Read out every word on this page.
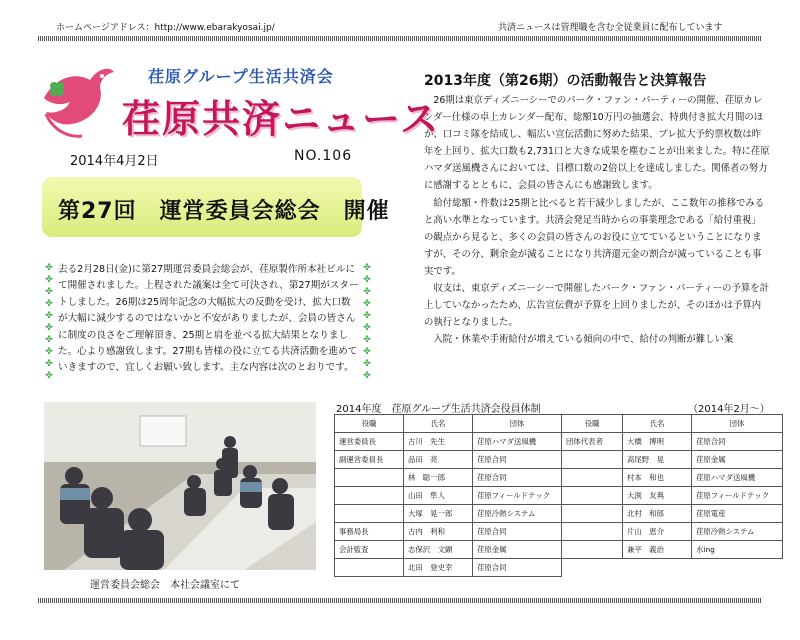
ホームページアドレス：http://www.ebarakyosai.jp/	共済ニュースは管理職を含む全従業員に配布しています
荏原グループ生活共済会
荏原共済ニュース
2014年4月2日	NO.106
第27回　運営委員会総会　開催
✤
✤
✤
✤
✤
✤
✤
✤
✤
✤
✤
✤
✤
✤
✤
✤
✤
✤
✤
✤
去る2月28日(金)に第27期運営委員会総会が、荏原製作所本社ビルにて開催されました。上程された議案は全て可決され、第27期がスタートしました。26期は25周年記念の大幅拡大の反動を受け、拡大口数が大幅に減少するのではないかと不安がありましたが、会員の皆さんに制度の良さをご理解頂き、25期と肩を並べる拡大結果となりました。心より感謝致します。27期も皆様の役に立てる共済活動を進めていきますので、宜しくお願い致します。主な内容は次のとおりです。
2013年度（第26期）の活動報告と決算報告

26期は東京ディズニーシーでのパーク・ファン・パーティーの開催、荏原カレンダー仕様の卓上カレンダー配布、総額10万円の抽選会、特典付き拡大月間のほか、口コミ隊を結成し、幅広い宣伝活動に努めた結果、プレ拡大予約票枚数は昨年を上回り、拡大口数も2,731口と大きな成果を塵むことが出来ました。特に荏原ハマダ送風機さんにおいては、目標口数の2倍以上を達成しました。関係者の努力に感謝するとともに、会員の皆さんにも感謝致します。

給付総額・件数は25期と比べると若干減少しましたが、ここ数年の推移でみると高い水準となっています。共済会発足当時からの事業理念である「給付重視」の観点から見ると、多くの会員の皆さんのお役に立てているということになりますが、その分、剰余金が減ることになり共済還元金の割合が減っていることも事実です。

収支は、東京ディズニーシーで開催したパーク・ファン・パーティーの予算を計上していなかったため、広告宣伝費が予算を上回りましたが、そのほかは予算内の執行となりました。

入院・休業や手術給付が増えている傾向の中で、給付の判断が難しい案

運営委員会総会　本社会議室にて
2014年度　荏原グループ生活共済会役員体制	（2014年2月～）
役職	氏名	団体	役職	氏名	団体
運営委員長	古川　先生	荏原ハマダ送風機	団体代表者	大橋　博明	荏原合同
副運営委員長	品田　亮	荏原合同		高尾野　晃	荏原金属
	林　聡一郎	荏原合同		村本　和也	荏原ハマダ送風機
	山田　隼人	荏原フィールドテック		大渕　友典	荏原フィールドテック
	大塚　晃一郎	荏原冷熱システム		北村　和郎	荏原電産
事務局長	古内　利和	荏原合同		片山　恵介	荏原冷熱システム
会計監査	志保沢　文顕	荏原金属		兼平　義治	水ing
	北田　登史幸	荏原合同			
